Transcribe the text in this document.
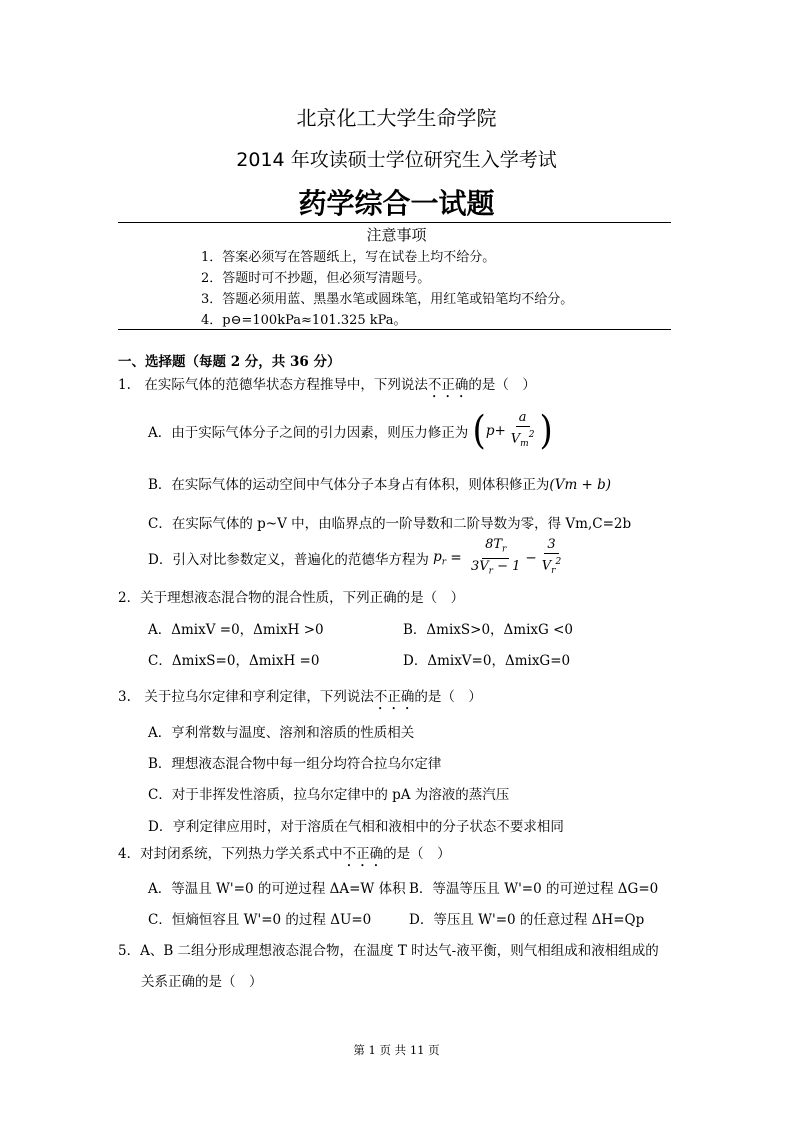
北京化工大学生命学院
2014 年攻读硕士学位研究生入学考试
药学综合一试题
注意事项
1．答案必须写在答题纸上，写在试卷上均不给分。
2．答题时可不抄题，但必须写清题号。
3．答题必须用蓝、黑墨水笔或圆珠笔，用红笔或铅笔均不给分。
4．p⊖=100kPa≈101.325 kPa。
一、选择题（每题 2 分，共 36 分）
1.　在实际气体的范德华状态方程推导中，下列说法不正确的是（　）
A．由于实际气体分子之间的引力因素，则压力修正为 ($p+ \frac{a}{V_m^2}$ )
B．在实际气体的运动空间中气体分子本身占有体积，则体积修正为(Vm + b)
C．在实际气体的 p~V 中，由临界点的一阶导数和二阶导数为零，得 Vm,C=2b
D．引入对比参数定义，普遍化的范德华方程为 $p_r = \frac{8T_r}{3V_r - 1} - \frac{3}{V_r^2}$
2．关于理想液态混合物的混合性质，下列正确的是（　）
A．ΔmixV =0，ΔmixH >0	B．ΔmixS>0，ΔmixG <0
C．ΔmixS=0，ΔmixH =0	D．ΔmixV=0，ΔmixG=0
3.　关于拉乌尔定律和亨利定律，下列说法不正确的是（　）
A．亨利常数与温度、溶剂和溶质的性质相关
B．理想液态混合物中每一组分均符合拉乌尔定律
C．对于非挥发性溶质，拉乌尔定律中的 pA 为溶液的蒸汽压
D．亨利定律应用时，对于溶质在气相和液相中的分子状态不要求相同
4．对封闭系统，下列热力学关系式中不正确的是（　）
A．等温且 W'=0 的可逆过程 ΔA=W 体积 B．等温等压且 W'=0 的可逆过程 ΔG=0
C．恒熵恒容且 W'=0 的过程 ΔU=0	D．等压且 W'=0 的任意过程 ΔH=Qp
5．A、B 二组分形成理想液态混合物，在温度 T 时达气-液平衡，则气相组成和液相组成的
关系正确的是（　）
第 1 页 共 11 页
